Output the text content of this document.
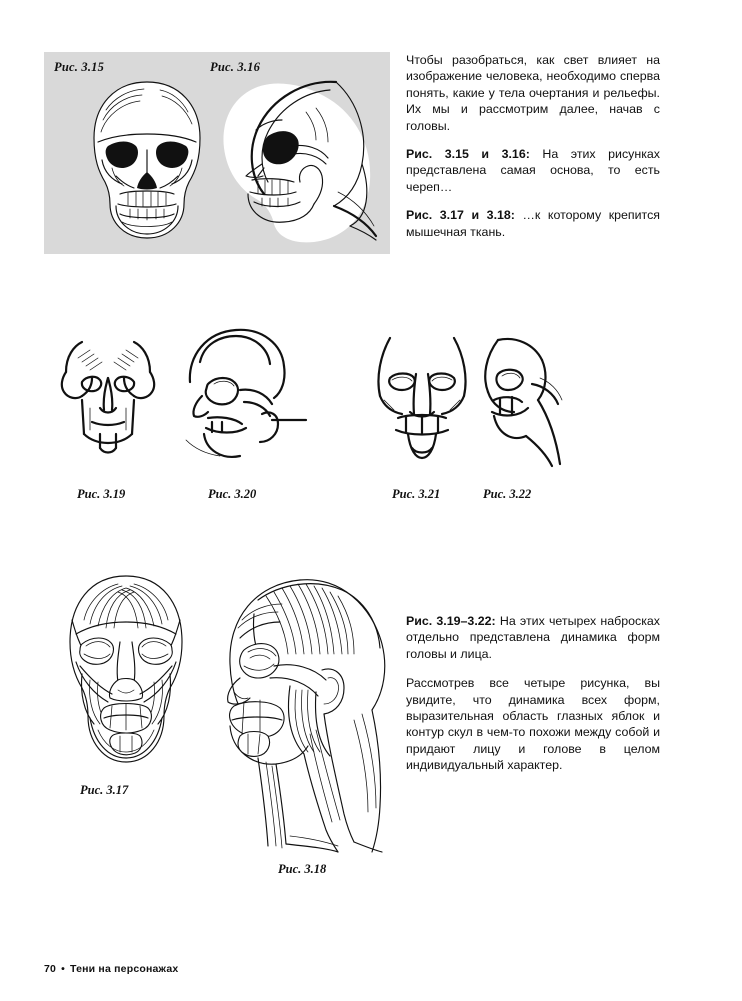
Рис. 3.15	Рис. 3.16	Чтобы разобраться, как свет влияет на изображение человека, необходимо сперва понять, какие у тела очертания и рельефы. Их мы и рассмотрим далее, начав с головы.

Рис. 3.15 и 3.16: На этих рисунках представлена самая основа, то есть череп…

Рис. 3.17 и 3.18: …к которому крепится мышечная ткань.

Рис. 3.19	Рис. 3.20	Рис. 3.21	Рис. 3.22
Рис. 3.17
Рис. 3.18

Рис. 3.19–3.22: На этих четырех набросках отдельно представлена динамика форм головы и лица.

Рассмотрев все четыре рисунка, вы увидите, что динамика всех форм, выразительная область глазных яблок и контур скул в чем-то похожи между собой и придают лицу и голове в целом индивидуальный характер.

70 • Тени на персонажах
